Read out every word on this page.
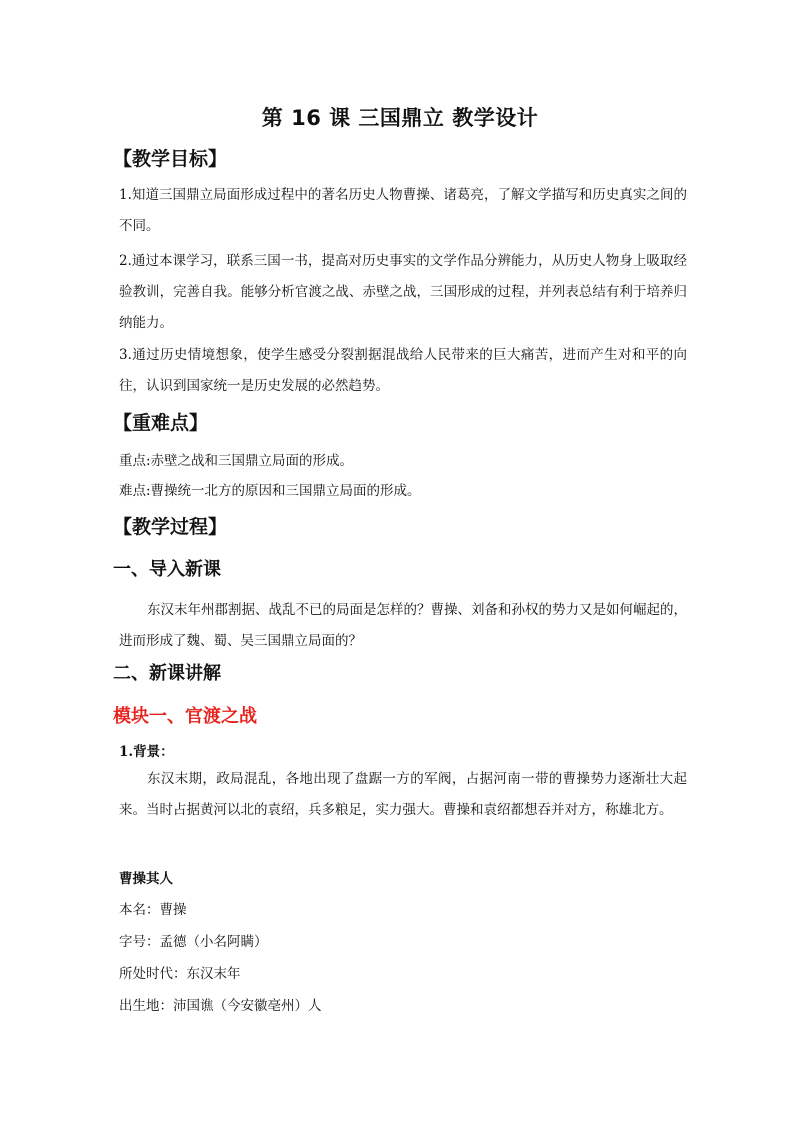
第 16 课 三国鼎立 教学设计
【教学目标】
1.知道三国鼎立局面形成过程中的著名历史人物曹操、诸葛亮，了解文学描写和历史真实之间的不同。
2.通过本课学习，联系三国一书，提高对历史事实的文学作品分辨能力，从历史人物身上吸取经验教训，完善自我。能够分析官渡之战、赤壁之战，三国形成的过程，并列表总结有利于培养归纳能力。
3.通过历史情境想象，使学生感受分裂割据混战给人民带来的巨大痛苦，进而产生对和平的向往，认识到国家统一是历史发展的必然趋势。
【重难点】
重点:赤壁之战和三国鼎立局面的形成。
难点:曹操统一北方的原因和三国鼎立局面的形成。
【教学过程】
一、导入新课
东汉末年州郡割据、战乱不已的局面是怎样的？曹操、刘备和孙权的势力又是如何崛起的，进而形成了魏、蜀、吴三国鼎立局面的？
二、新课讲解
模块一、官渡之战
1.背景：
东汉末期，政局混乱，各地出现了盘踞一方的军阀，占据河南一带的曹操势力逐渐壮大起来。当时占据黄河以北的袁绍，兵多粮足，实力强大。曹操和袁绍都想吞并对方，称雄北方。
曹操其人
本名：曹操
字号：孟德（小名阿瞒）
所处时代：东汉末年
出生地：沛国谯（今安徽亳州）人
